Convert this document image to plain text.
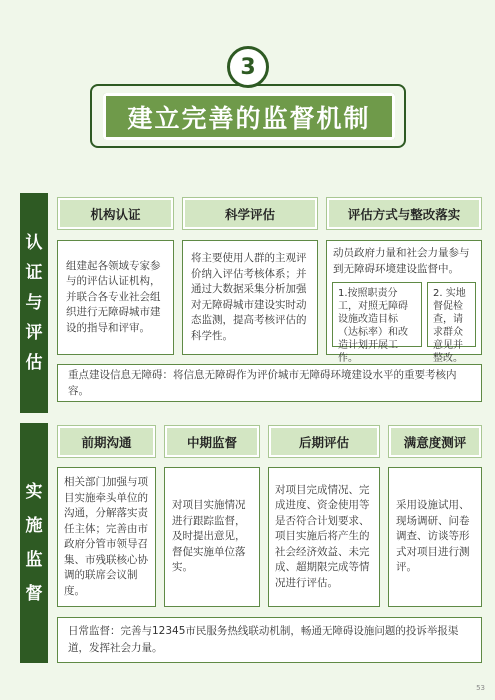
3
建立完善的监督机制
认
证
与
评
估
机构认证	科学评估	评估方式与整改落实
组建起各领域专家参与的评估认证机构，并联合各专业社会组织进行无障碍城市建设的指导和评审。
将主要使用人群的主观评价纳入评估考核体系；并通过大数据采集分析加强对无障碍城市建设实时动态监测，提高考核评估的科学性。
动员政府力量和社会力量参与到无障碍环境建设监督中。
1.按照职责分工，对照无障碍设施改造目标（达标率）和改造计划开展工作。
2. 实地督促检查，请求群众意见并整改。
重点建设信息无障碍：将信息无障碍作为评价城市无障碍环境建设水平的重要考核内容。
实
施
监
督
前期沟通	中期监督	后期评估	满意度测评
相关部门加强与项目实施牵头单位的沟通，分解落实责任主体；完善由市政府分管市领导召集、市残联核心协调的联席会议制度。
对项目实施情况进行跟踪监督，及时提出意见，督促实施单位落实。
对项目完成情况、完成进度、资金使用等是否符合计划要求、项目实施后将产生的社会经济效益、未完成、超期限完成等情况进行评估。
采用设施试用、现场调研、问卷调查、访谈等形式对项目进行测评。
日常监督：完善与12345市民服务热线联动机制，畅通无障碍设施问题的投诉举报渠道，发挥社会力量。
53
